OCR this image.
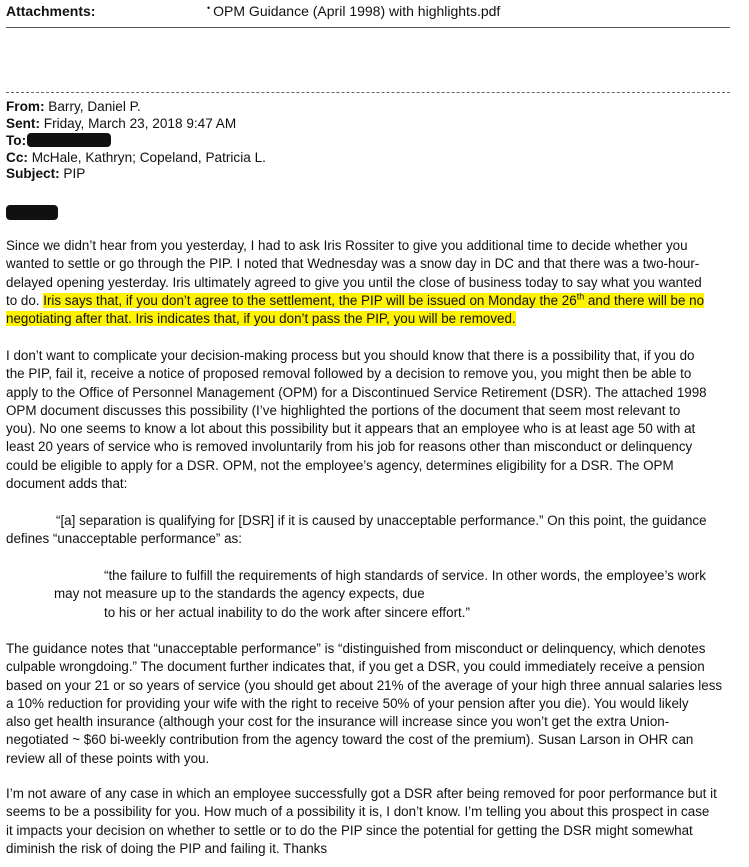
Attachments:	• OPM Guidance (April 1998) with highlights.pdf
From: Barry, Daniel P.
Sent: Friday, March 23, 2018 9:47 AM
To:
Cc: McHale, Kathryn; Copeland, Patricia L.
Subject: PIP
Since we didn’t hear from you yesterday, I had to ask Iris Rossiter to give you additional time to decide whether you
wanted to settle or go through the PIP. I noted that Wednesday was a snow day in DC and that there was a two-hour-
delayed opening yesterday. Iris ultimately agreed to give you until the close of business today to say what you wanted
to do. Iris says that, if you don’t agree to the settlement, the PIP will be issued on Monday the 26th and there will be no
negotiating after that. Iris indicates that, if you don’t pass the PIP, you will be removed.
I don’t want to complicate your decision-making process but you should know that there is a possibility that, if you do
the PIP, fail it, receive a notice of proposed removal followed by a decision to remove you, you might then be able to
apply to the Office of Personnel Management (OPM) for a Discontinued Service Retirement (DSR). The attached 1998
OPM document discusses this possibility (I’ve highlighted the portions of the document that seem most relevant to
you). No one seems to know a lot about this possibility but it appears that an employee who is at least age 50 with at
least 20 years of service who is removed involuntarily from his job for reasons other than misconduct or delinquency
could be eligible to apply for a DSR. OPM, not the employee’s agency, determines eligibility for a DSR. The OPM
document adds that:
“[a] separation is qualifying for [DSR] if it is caused by unacceptable performance.” On this point, the guidance
defines “unacceptable performance” as:
“the failure to fulfill the requirements of high standards of service. In other words, the employee’s work
may not measure up to the standards the agency expects, due
to his or her actual inability to do the work after sincere effort.”
The guidance notes that “unacceptable performance” is “distinguished from misconduct or delinquency, which denotes
culpable wrongdoing.” The document further indicates that, if you get a DSR, you could immediately receive a pension
based on your 21 or so years of service (you should get about 21% of the average of your high three annual salaries less
a 10% reduction for providing your wife with the right to receive 50% of your pension after you die). You would likely
also get health insurance (although your cost for the insurance will increase since you won’t get the extra Union-
negotiated ~ $60 bi-weekly contribution from the agency toward the cost of the premium). Susan Larson in OHR can
review all of these points with you.
I’m not aware of any case in which an employee successfully got a DSR after being removed for poor performance but it
seems to be a possibility for you. How much of a possibility it is, I don’t know. I’m telling you about this prospect in case
it impacts your decision on whether to settle or to do the PIP since the potential for getting the DSR might somewhat
diminish the risk of doing the PIP and failing it. Thanks
